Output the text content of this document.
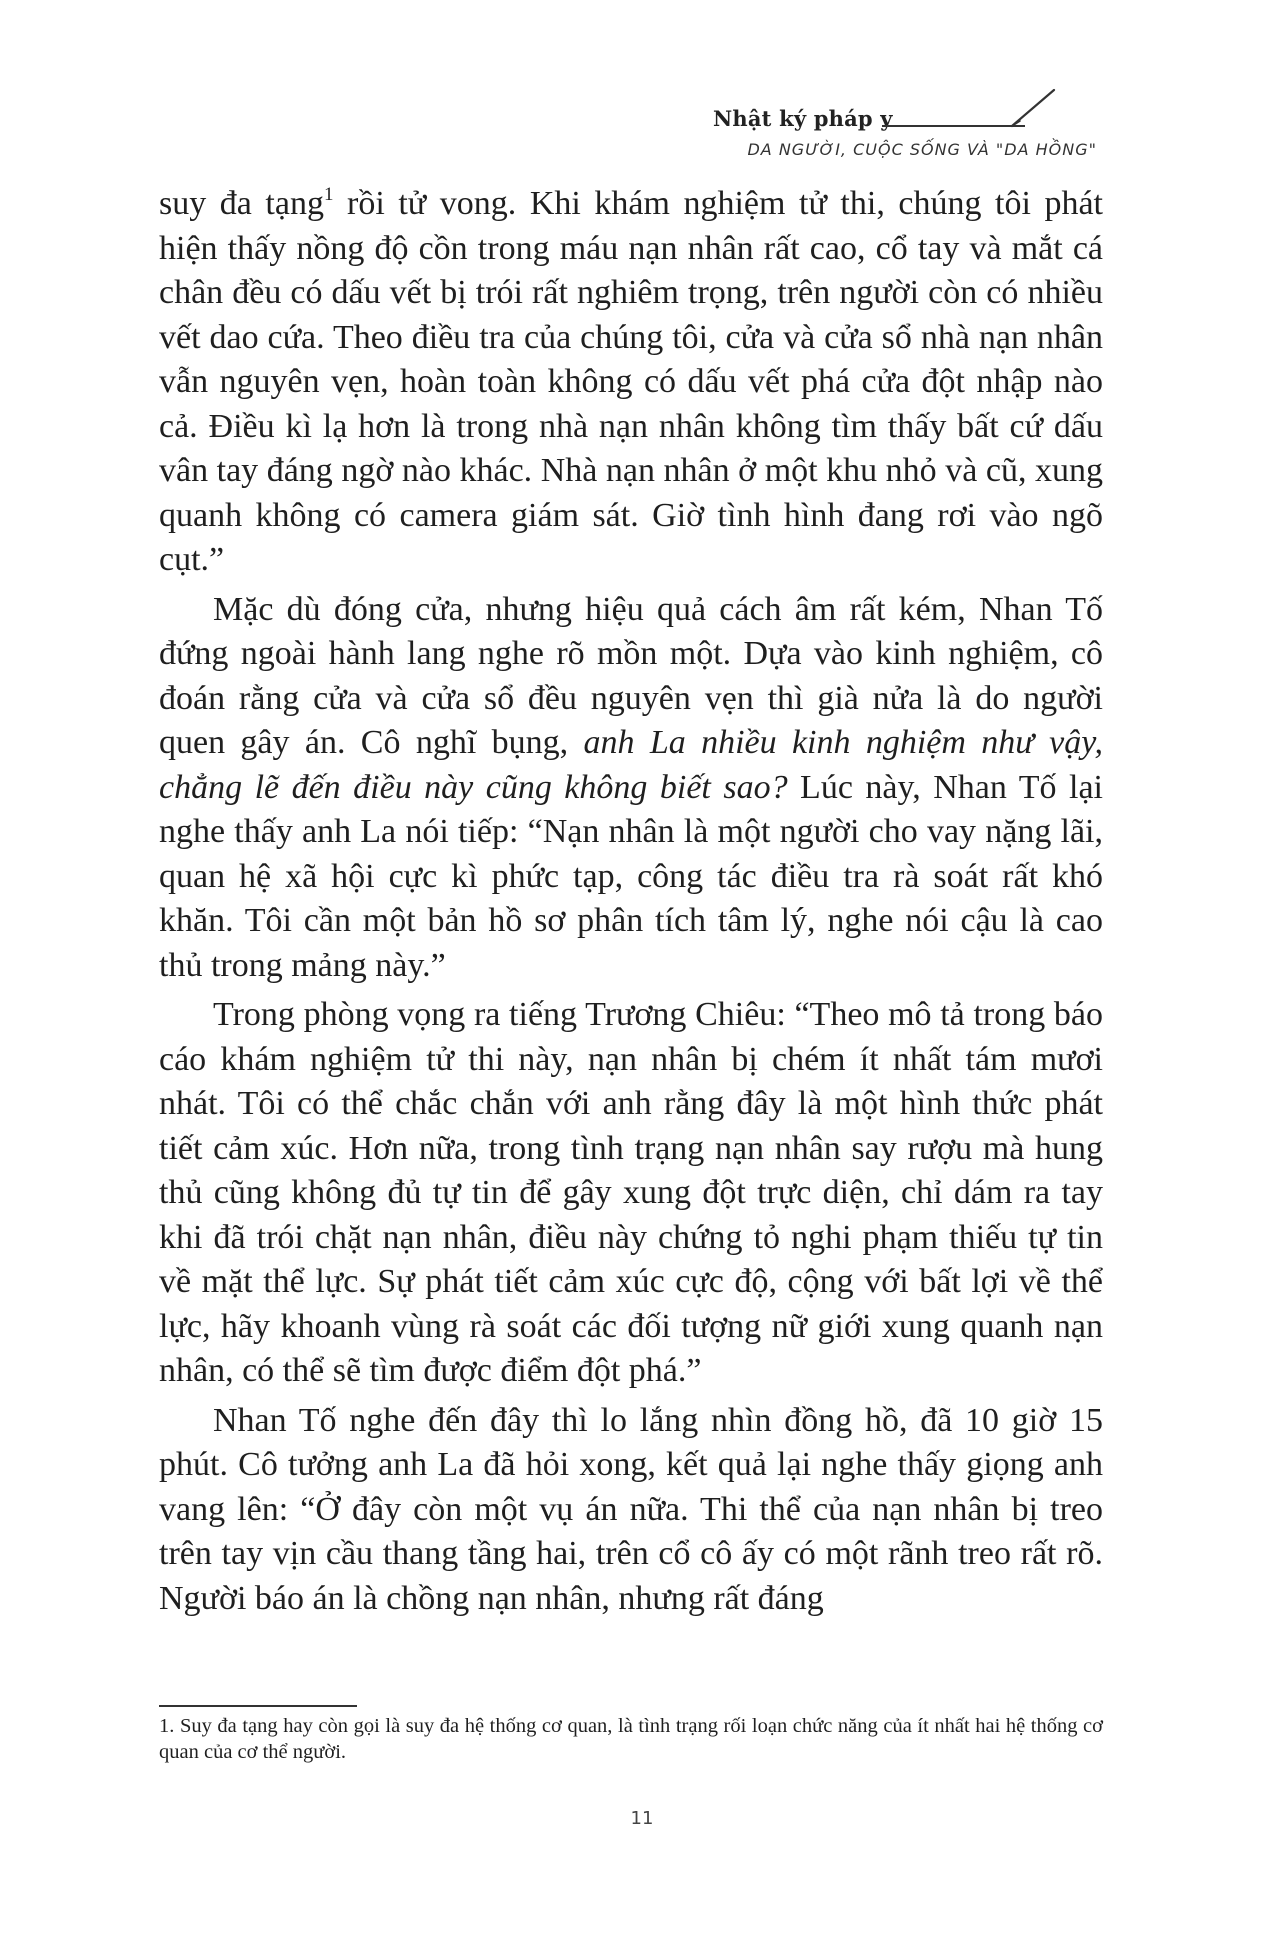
Nhật ký pháp y
DA NGƯỜI, CUỘC SỐNG VÀ "DA HỒNG"

suy đa tạng$^1$ rồi tử vong. Khi khám nghiệm tử thi, chúng tôi phát hiện thấy nồng độ cồn trong máu nạn nhân rất cao, cổ tay và mắt cá chân đều có dấu vết bị trói rất nghiêm trọng, trên người còn có nhiều vết dao cứa. Theo điều tra của chúng tôi, cửa và cửa sổ nhà nạn nhân vẫn nguyên vẹn, hoàn toàn không có dấu vết phá cửa đột nhập nào cả. Điều kì lạ hơn là trong nhà nạn nhân không tìm thấy bất cứ dấu vân tay đáng ngờ nào khác. Nhà nạn nhân ở một khu nhỏ và cũ, xung quanh không có camera giám sát. Giờ tình hình đang rơi vào ngõ cụt.”

Mặc dù đóng cửa, nhưng hiệu quả cách âm rất kém, Nhan Tố đứng ngoài hành lang nghe rõ mồn một. Dựa vào kinh nghiệm, cô đoán rằng cửa và cửa sổ đều nguyên vẹn thì già nửa là do người quen gây án. Cô nghĩ bụng, anh La nhiều kinh nghiệm như vậy, chẳng lẽ đến điều này cũng không biết sao? Lúc này, Nhan Tố lại nghe thấy anh La nói tiếp: “Nạn nhân là một người cho vay nặng lãi, quan hệ xã hội cực kì phức tạp, công tác điều tra rà soát rất khó khăn. Tôi cần một bản hồ sơ phân tích tâm lý, nghe nói cậu là cao thủ trong mảng này.”

Trong phòng vọng ra tiếng Trương Chiêu: “Theo mô tả trong báo cáo khám nghiệm tử thi này, nạn nhân bị chém ít nhất tám mươi nhát. Tôi có thể chắc chắn với anh rằng đây là một hình thức phát tiết cảm xúc. Hơn nữa, trong tình trạng nạn nhân say rượu mà hung thủ cũng không đủ tự tin để gây xung đột trực diện, chỉ dám ra tay khi đã trói chặt nạn nhân, điều này chứng tỏ nghi phạm thiếu tự tin về mặt thể lực. Sự phát tiết cảm xúc cực độ, cộng với bất lợi về thể lực, hãy khoanh vùng rà soát các đối tượng nữ giới xung quanh nạn nhân, có thể sẽ tìm được điểm đột phá.”

Nhan Tố nghe đến đây thì lo lắng nhìn đồng hồ, đã 10 giờ 15 phút. Cô tưởng anh La đã hỏi xong, kết quả lại nghe thấy giọng anh vang lên: “Ở đây còn một vụ án nữa. Thi thể của nạn nhân bị treo trên tay vịn cầu thang tầng hai, trên cổ cô ấy có một rãnh treo rất rõ. Người báo án là chồng nạn nhân, nhưng rất đáng

1. Suy đa tạng hay còn gọi là suy đa hệ thống cơ quan, là tình trạng rối loạn chức năng của ít nhất hai hệ thống cơ quan của cơ thể người.
11
